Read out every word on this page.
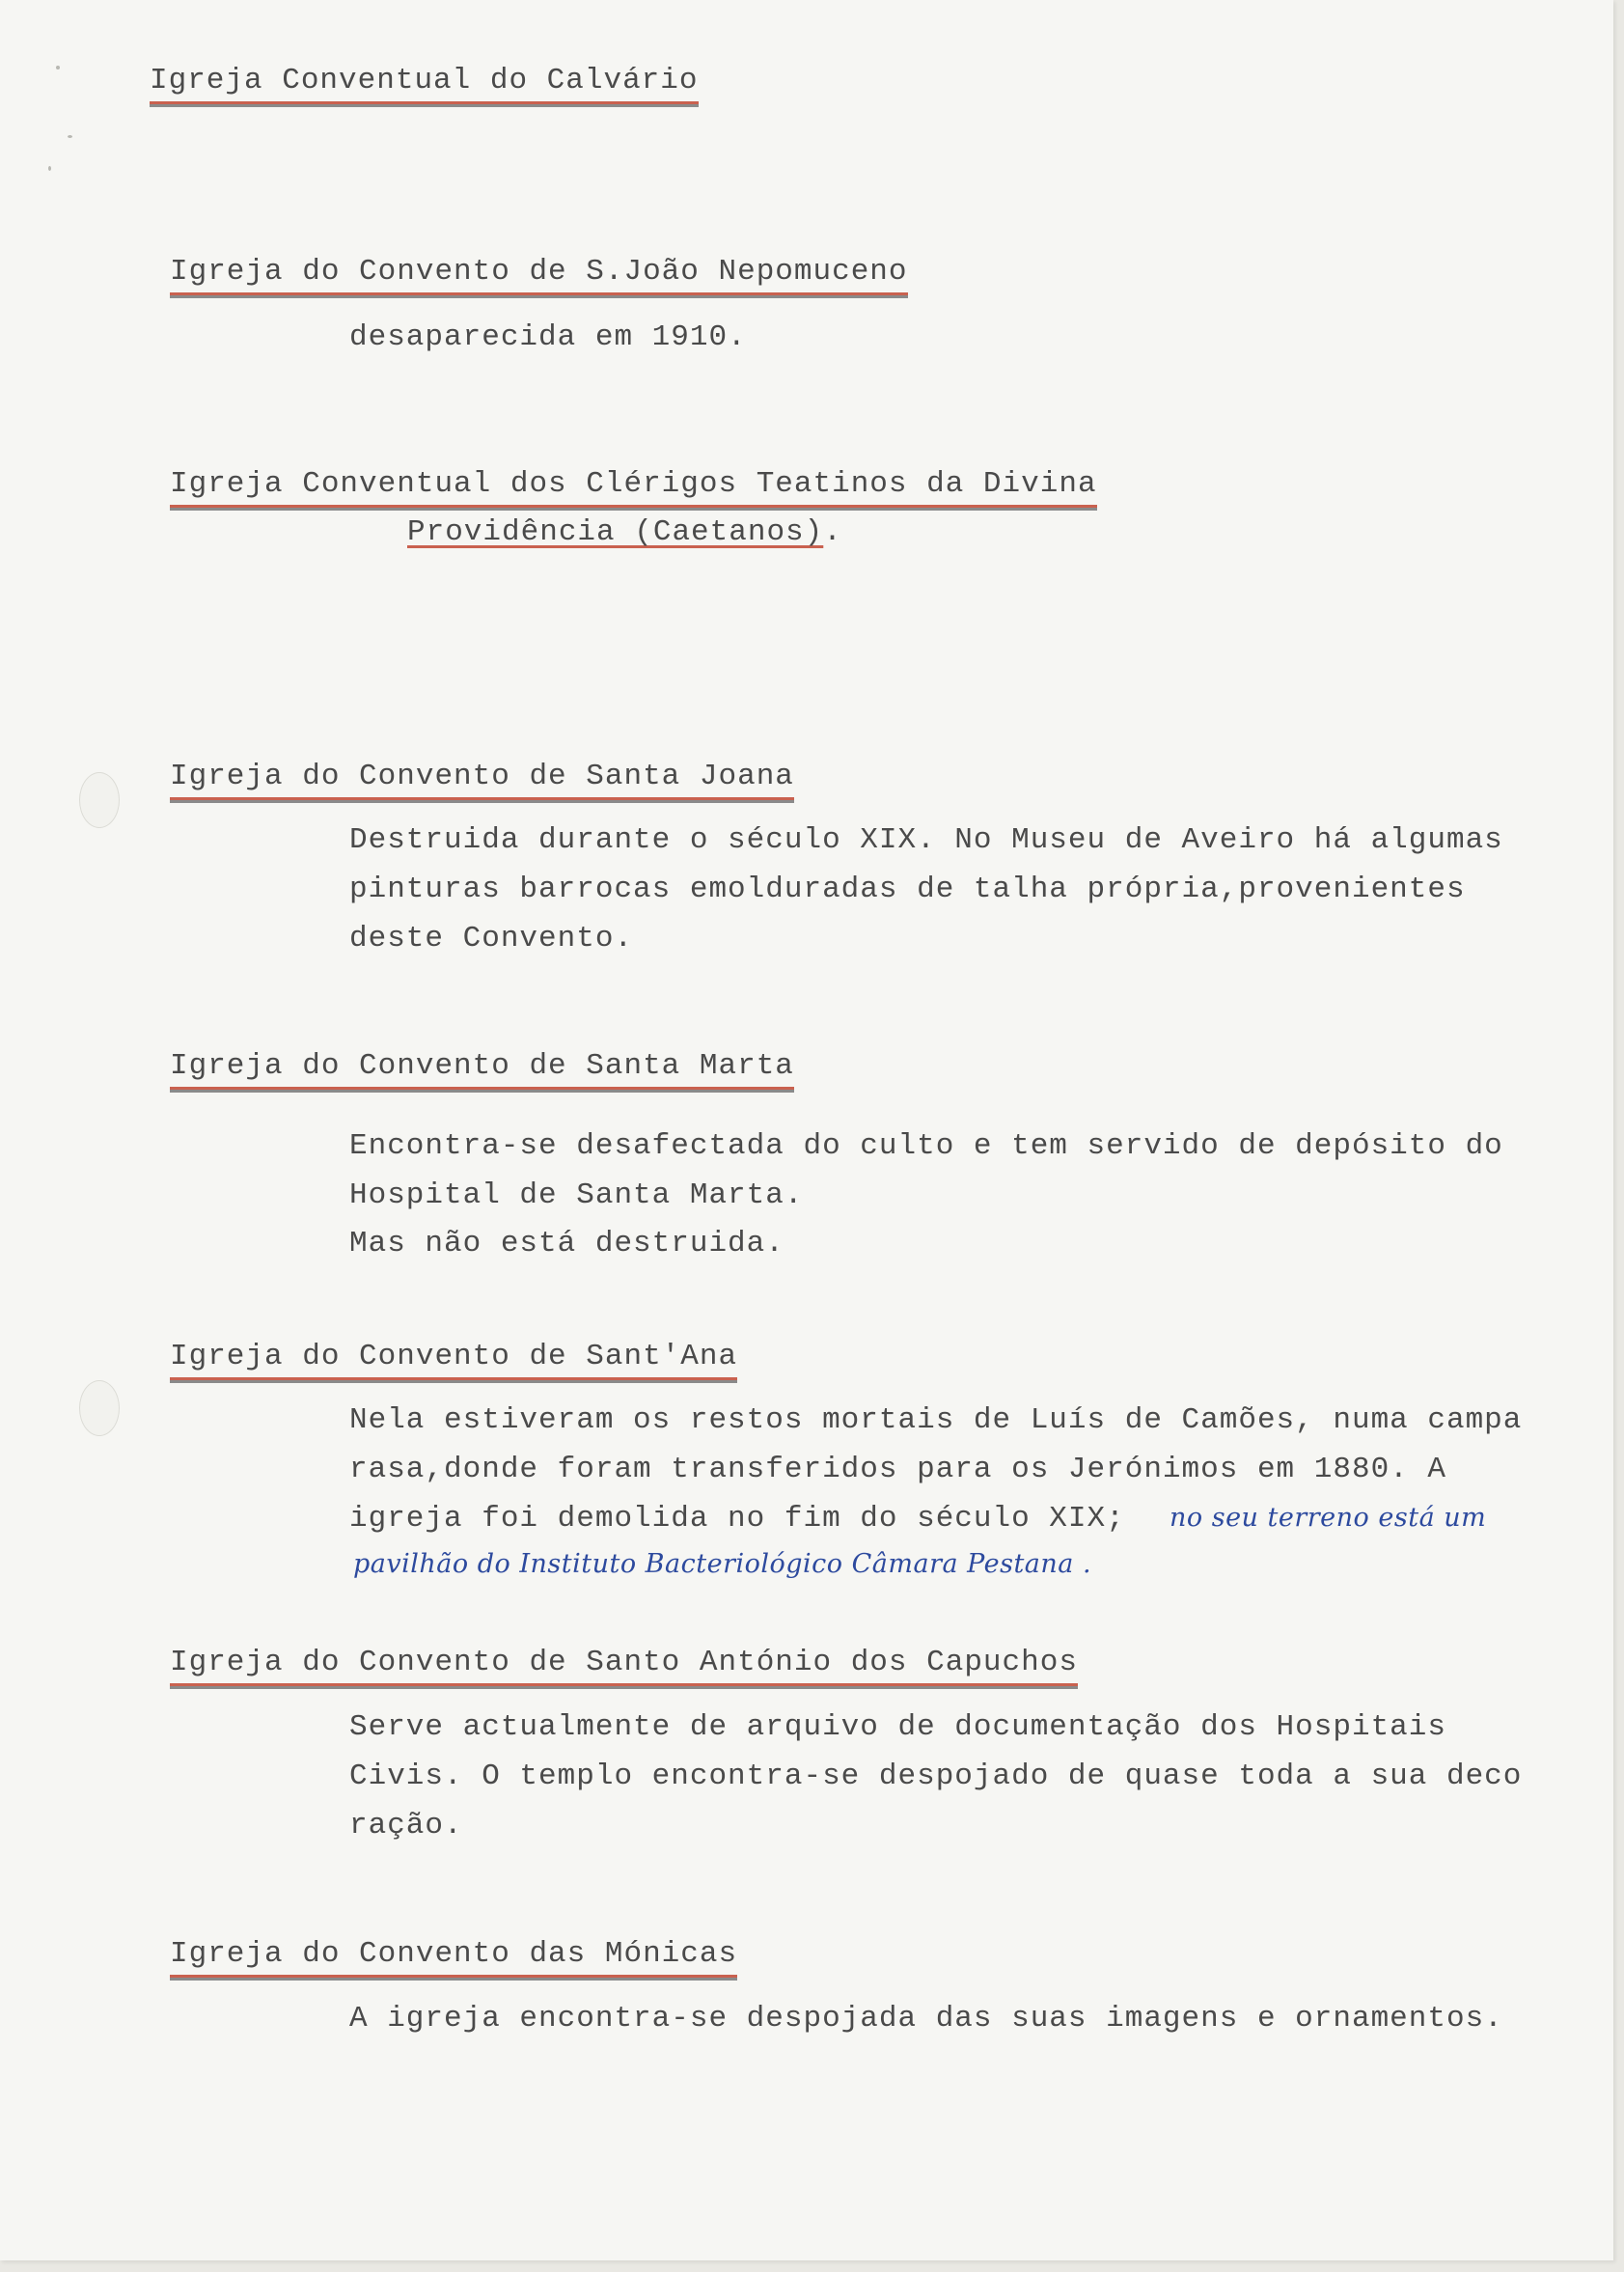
Igreja Conventual do Calvário
Igreja do Convento de S.João Nepomuceno
desaparecida em 1910.
Igreja Conventual dos Clérigos Teatinos da Divina
Providência (Caetanos).
Igreja do Convento de Santa Joana
Destruida durante o século XIX. No Museu de Aveiro há algumas
pinturas barrocas emolduradas de talha própria,provenientes
deste Convento.
Igreja do Convento de Santa Marta
Encontra-se desafectada do culto e tem servido de depósito do
Hospital de Santa Marta.
Mas não está destruida.
Igreja do Convento de Sant'Ana
Nela estiveram os restos mortais de Luís de Camões, numa campa
rasa,donde foram transferidos para os Jerónimos em 1880. A
igreja foi demolida no fim do século XIX; no seu terreno está um
pavilhão do Instituto Bacteriológico Câmara Pestana .
Igreja do Convento de Santo António dos Capuchos
Serve actualmente de arquivo de documentação dos Hospitais
Civis. O templo encontra-se despojado de quase toda a sua deco
ração.
Igreja do Convento das Mónicas
A igreja encontra-se despojada das suas imagens e ornamentos.
